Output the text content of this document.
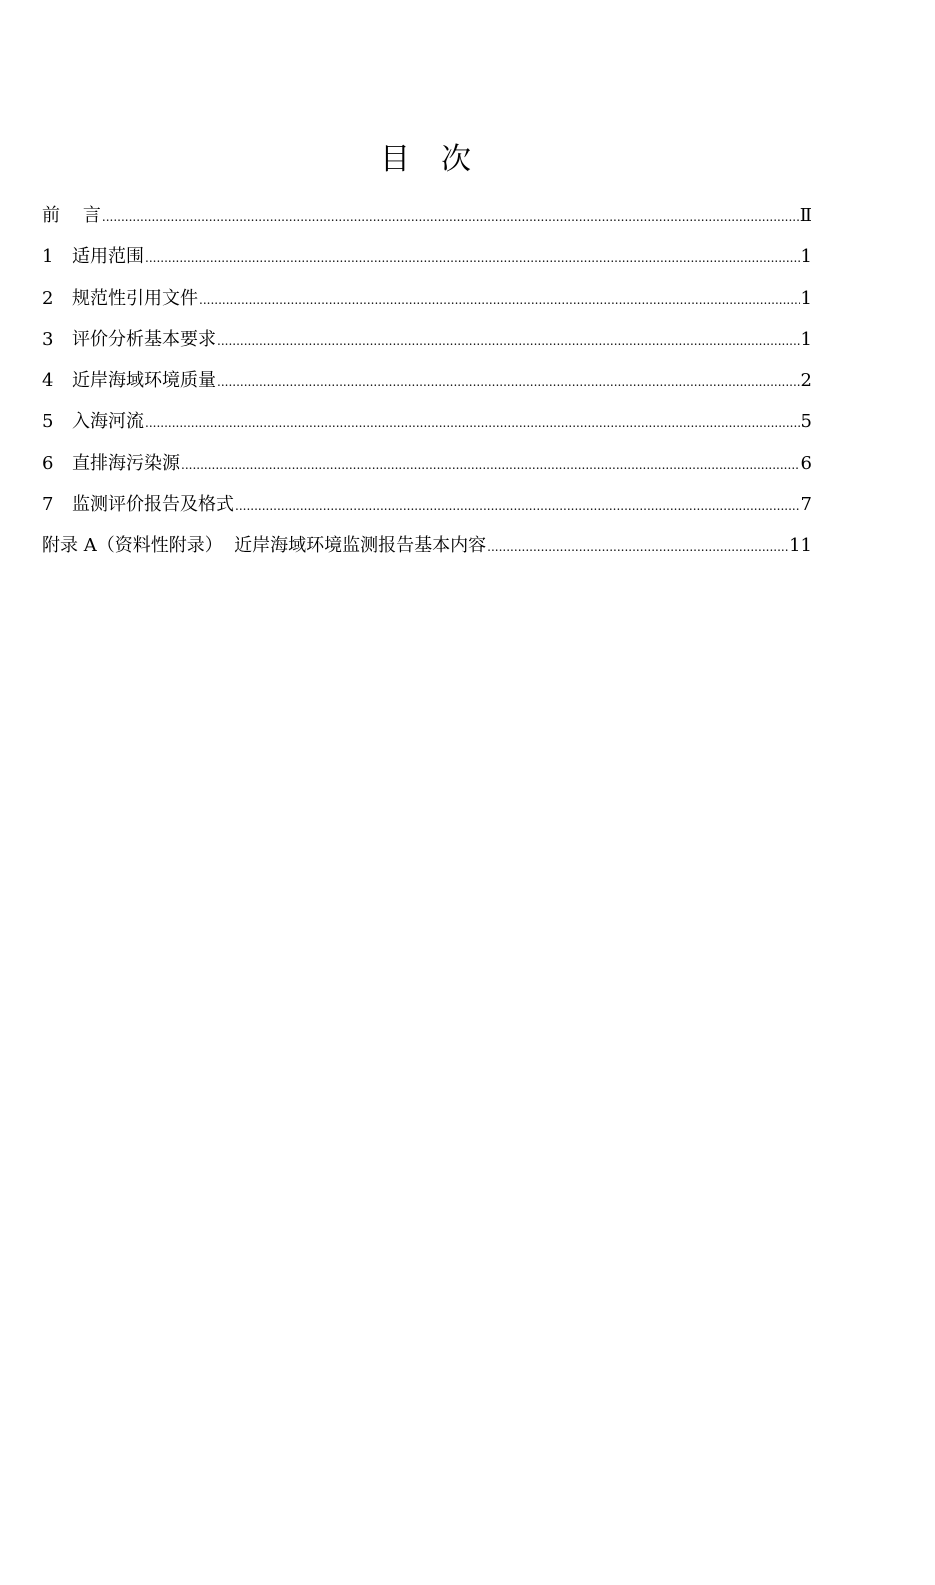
目  次
前    言 .....	Ⅱ
1	适用范围 .....	1
2	规范性引用文件 .....	1
3	评价分析基本要求 .....	1
4	近岸海域环境质量 .....	2
5	入海河流 .....	5
6	直排海污染源 .....	6
7	监测评价报告及格式 .....	7
附录 A（资料性附录）  近岸海域环境监测报告基本内容 .....	11
